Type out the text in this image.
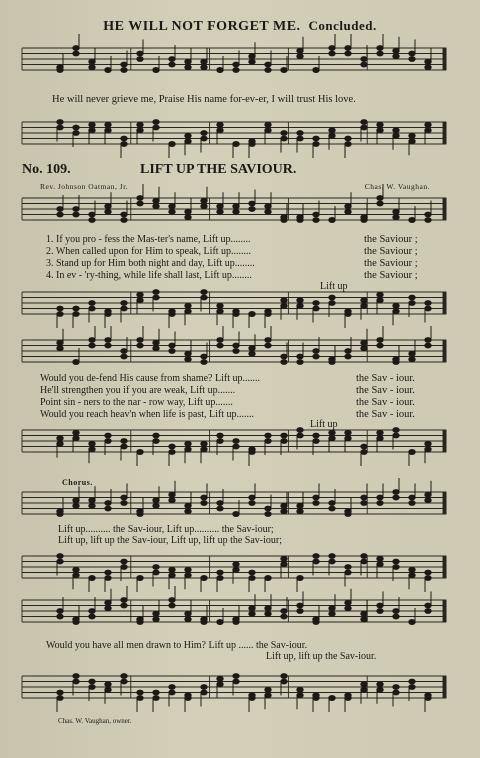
HE WILL NOT FORGET ME. Concluded.
He will never grieve me, Praise His name for-ev-er, I will trust His love.
No. 109.	LIFT UP THE SAVIOUR.
Rev. Johnson Oatman, Jr.	Chas. W. Vaughan.
1. If you pro - fess the Mas-ter's name, Lift up........
2. When called upon for Him to speak, Lift up........
3. Stand up for Him both night and day, Lift up........
4. In ev - 'ry-thing, while life shall last, Lift up........
the Saviour ;
the Saviour ;
the Saviour ;
the Saviour ;
Lift up
Would you de-fend His cause from shame? Lift up.......
He'll strengthen you if you are weak, Lift up.......
Point sin - ners to the nar - row way, Lift up.......
Would you reach heav'n when life is past, Lift up.......
the Sav - iour.
the Sav - iour.
the Sav - iour.
the Sav - iour.
Lift up
Chorus.
Lift up.......... the Sav-iour, Lift up.......... the Sav-iour;
Lift up, lift up the Sav-iour, Lift up, lift up the Sav-iour;
Would you have all men drawn to Him? Lift up ...... the Sav-iour.
Lift up, lift up the Sav-iour.
Chas. W. Vaughan, owner.
